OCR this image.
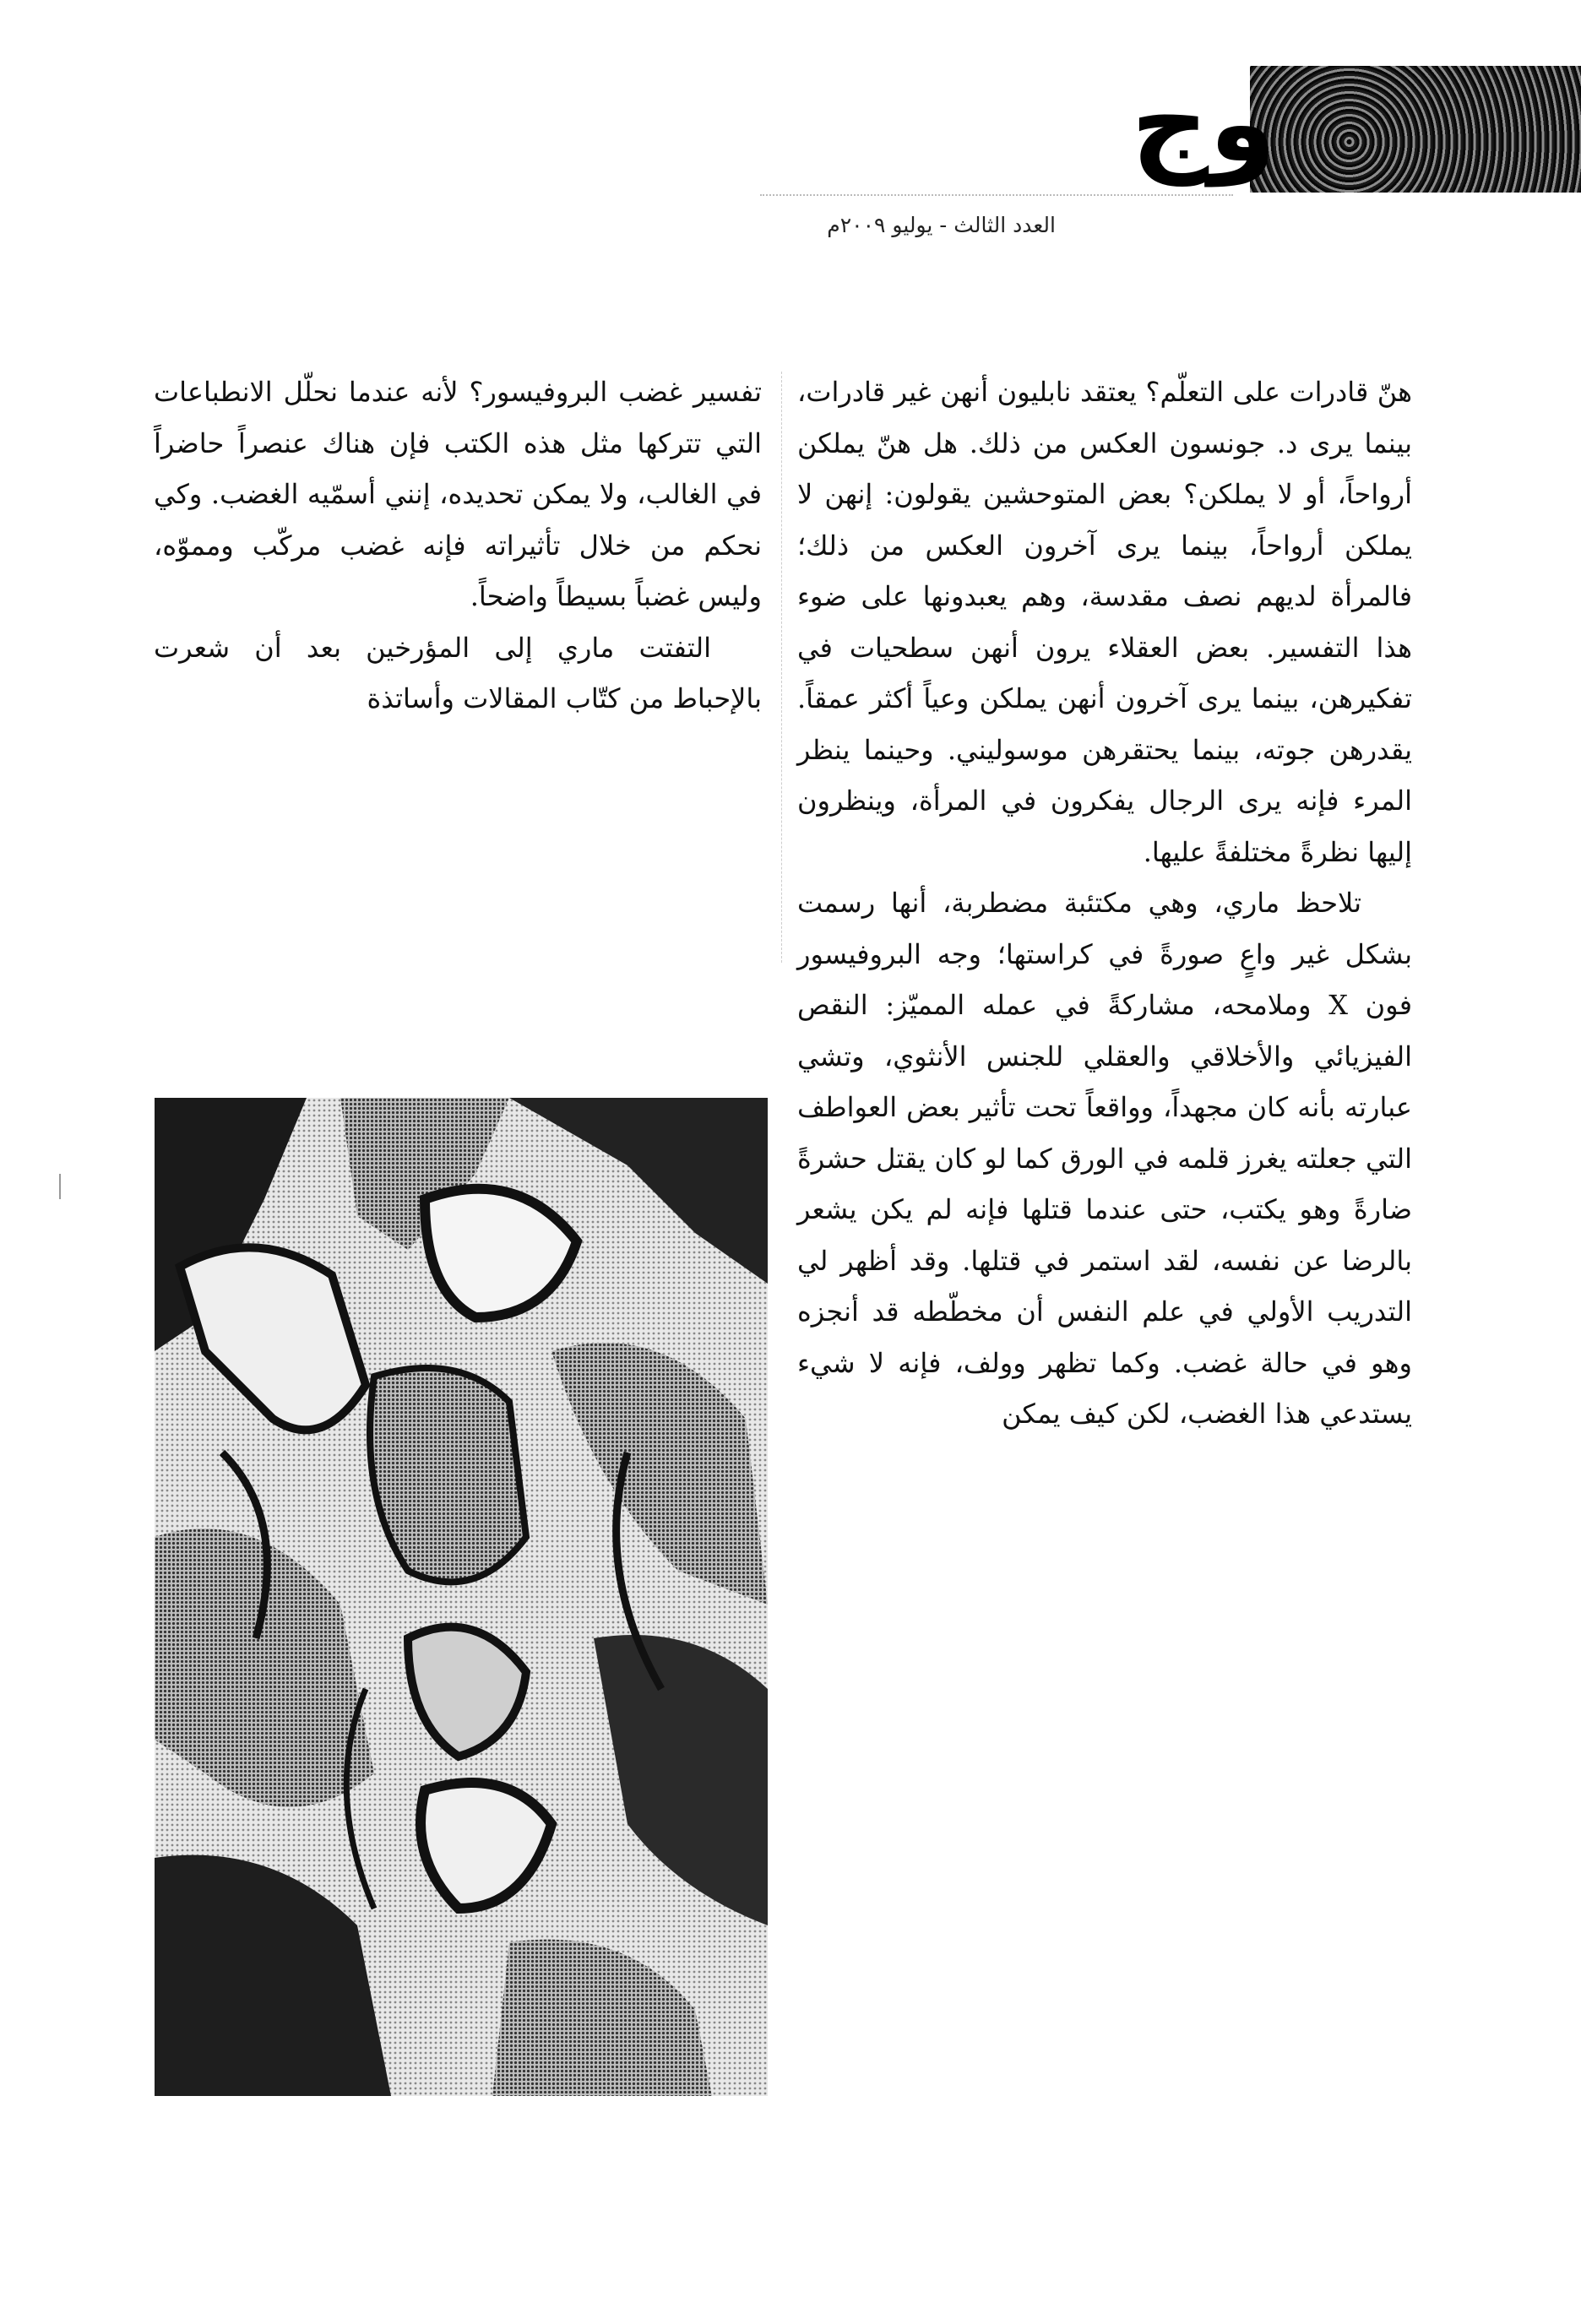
وج
العدد الثالث - يوليو ٢٠٠٩م

هنّ قادرات على التعلّم؟ يعتقد نابليون أنهن غير قادرات، بينما يرى د. جونسون العكس من ذلك. هل هنّ يملكن أرواحاً، أو لا يملكن؟ بعض المتوحشين يقولون: إنهن لا يملكن أرواحاً، بينما يرى آخرون العكس من ذلك؛ فالمرأة لديهم نصف مقدسة، وهم يعبدونها على ضوء هذا التفسير. بعض العقلاء يرون أنهن سطحيات في تفكيرهن، بينما يرى آخرون أنهن يملكن وعياً أكثر عمقاً. يقدرهن جوته، بينما يحتقرهن موسوليني. وحينما ينظر المرء فإنه يرى الرجال يفكرون في المرأة، وينظرون إليها نظرةً مختلفةً عليها.

تلاحظ ماري، وهي مكتئبة مضطربة، أنها رسمت بشكل غير واعٍ صورةً في كراستها؛ وجه البروفيسور فون X وملامحه، مشاركةً في عمله المميّز: النقص الفيزيائي والأخلاقي والعقلي للجنس الأنثوي، وتشي عبارته بأنه كان مجهداً، وواقعاً تحت تأثير بعض العواطف التي جعلته يغرز قلمه في الورق كما لو كان يقتل حشرةً ضارةً وهو يكتب، حتى عندما قتلها فإنه لم يكن يشعر بالرضا عن نفسه، لقد استمر في قتلها. وقد أظهر لي التدريب الأولي في علم النفس أن مخطّطه قد أنجزه وهو في حالة غضب. وكما تظهر وولف، فإنه لا شيء يستدعي هذا الغضب، لكن كيف يمكن

تفسير غضب البروفيسور؟ لأنه عندما نحلّل الانطباعات التي تتركها مثل هذه الكتب فإن هناك عنصراً حاضراً في الغالب، ولا يمكن تحديده، إنني أسمّيه الغضب. وكي نحكم من خلال تأثيراته فإنه غضب مركّب ومموّه، وليس غضباً بسيطاً واضحاً.

التفتت ماري إلى المؤرخين بعد أن شعرت بالإحباط من كتّاب المقالات وأساتذة
